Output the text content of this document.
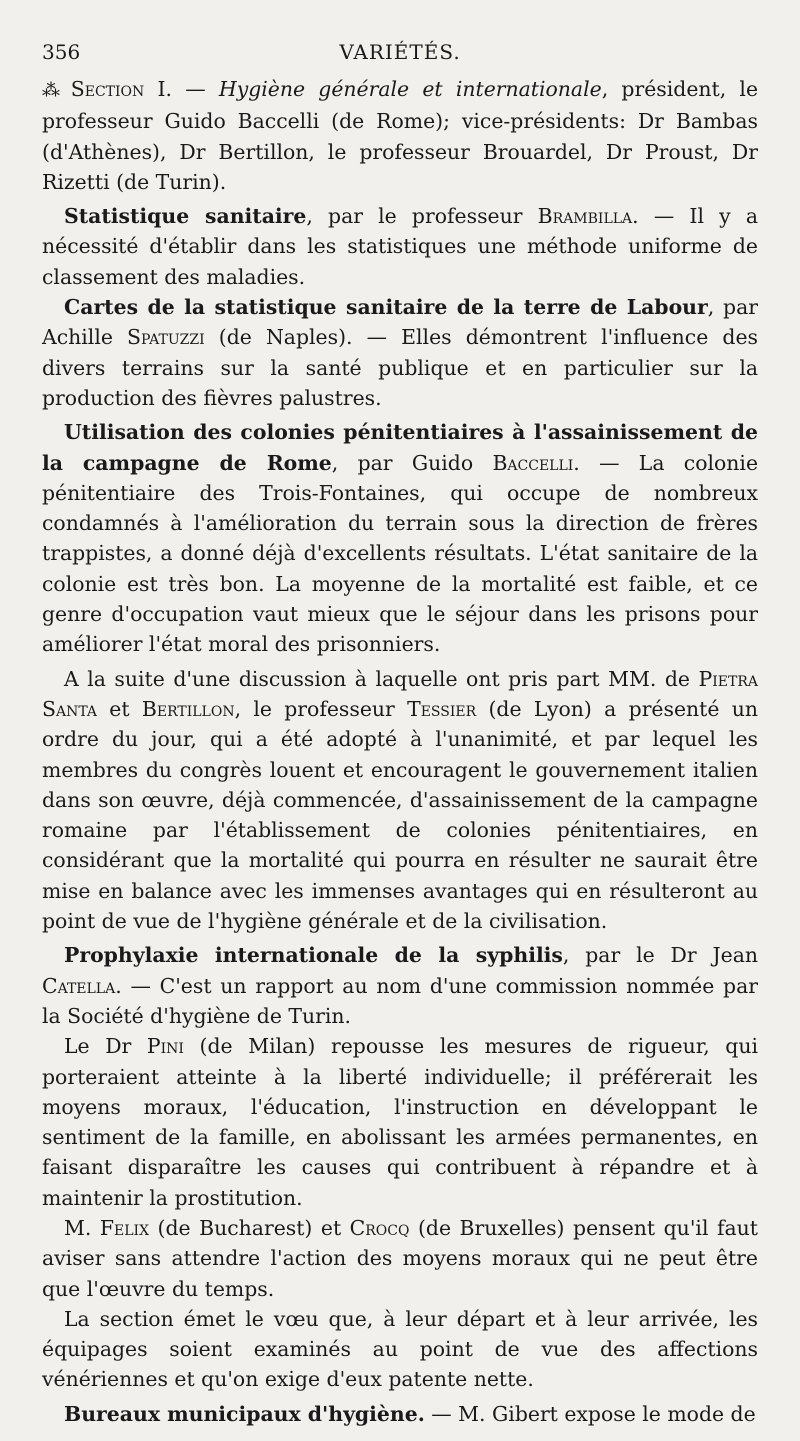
356	VARIÉTÉS.

⁂ Section I. — Hygiène générale et internationale, président, le professeur Guido Baccelli (de Rome); vice-présidents: Dr Bambas (d'Athènes), Dr Bertillon, le professeur Brouardel, Dr Proust, Dr Rizetti (de Turin).

Statistique sanitaire, par le professeur Brambilla. — Il y a nécessité d'établir dans les statistiques une méthode uniforme de classement des maladies.

Cartes de la statistique sanitaire de la terre de Labour, par Achille Spatuzzi (de Naples). — Elles démontrent l'influence des divers terrains sur la santé publique et en particulier sur la production des fièvres palustres.

Utilisation des colonies pénitentiaires à l'assainissement de la campagne de Rome, par Guido Baccelli. — La colonie pénitentiaire des Trois-Fontaines, qui occupe de nombreux condamnés à l'amélioration du terrain sous la direction de frères trappistes, a donné déjà d'excellents résultats. L'état sanitaire de la colonie est très bon. La moyenne de la mortalité est faible, et ce genre d'occupation vaut mieux que le séjour dans les prisons pour améliorer l'état moral des prisonniers.

A la suite d'une discussion à laquelle ont pris part MM. de Pietra Santa et Bertillon, le professeur Tessier (de Lyon) a présenté un ordre du jour, qui a été adopté à l'unanimité, et par lequel les membres du congrès louent et encouragent le gouvernement italien dans son œuvre, déjà commencée, d'assainissement de la campagne romaine par l'établissement de colonies pénitentiaires, en considérant que la mortalité qui pourra en résulter ne saurait être mise en balance avec les immenses avantages qui en résulteront au point de vue de l'hygiène générale et de la civilisation.

Prophylaxie internationale de la syphilis, par le Dr Jean Catella. — C'est un rapport au nom d'une commission nommée par la Société d'hygiène de Turin.

Le Dr Pini (de Milan) repousse les mesures de rigueur, qui porteraient atteinte à la liberté individuelle; il préférerait les moyens moraux, l'éducation, l'instruction en développant le sentiment de la famille, en abolissant les armées permanentes, en faisant disparaître les causes qui contribuent à répandre et à maintenir la prostitution.

M. Felix (de Bucharest) et Crocq (de Bruxelles) pensent qu'il faut aviser sans attendre l'action des moyens moraux qui ne peut être que l'œuvre du temps.

La section émet le vœu que, à leur départ et à leur arrivée, les équipages soient examinés au point de vue des affections vénériennes et qu'on exige d'eux patente nette.

Bureaux municipaux d'hygiène. — M. Gibert expose le mode de
